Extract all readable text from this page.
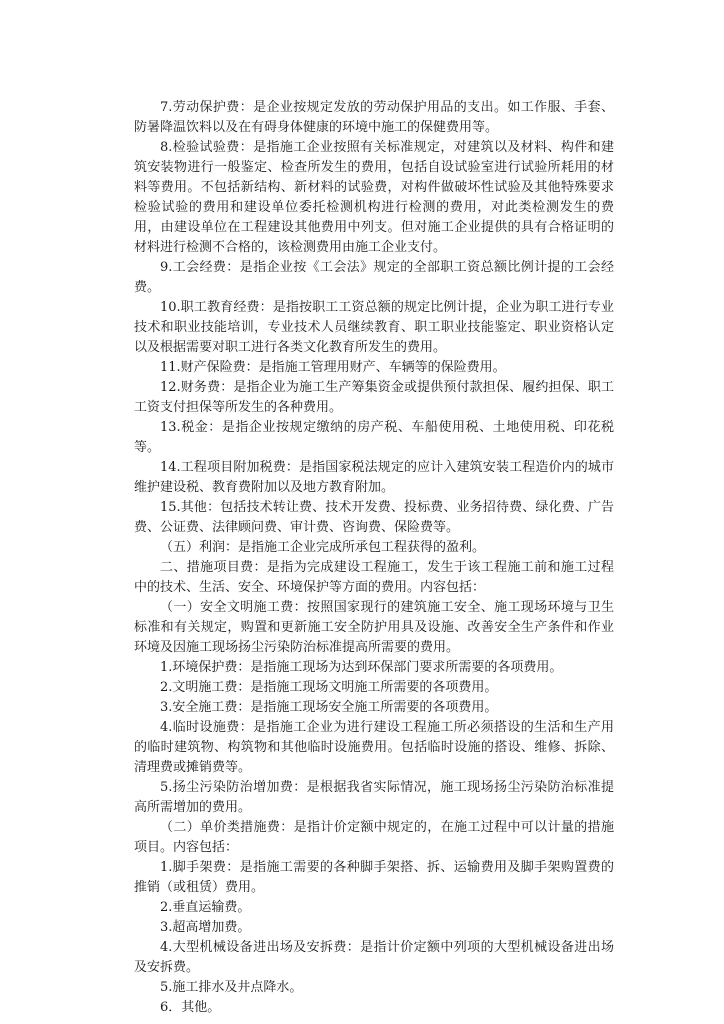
7.劳动保护费：是企业按规定发放的劳动保护用品的支出。如工作服、手套、防暑降温饮料以及在有碍身体健康的环境中施工的保健费用等。

8.检验试验费：是指施工企业按照有关标准规定，对建筑以及材料、构件和建筑安装物进行一般鉴定、检查所发生的费用，包括自设试验室进行试验所耗用的材料等费用。不包括新结构、新材料的试验费，对构件做破坏性试验及其他特殊要求检验试验的费用和建设单位委托检测机构进行检测的费用，对此类检测发生的费用，由建设单位在工程建设其他费用中列支。但对施工企业提供的具有合格证明的材料进行检测不合格的，该检测费用由施工企业支付。

9.工会经费：是指企业按《工会法》规定的全部职工资总额比例计提的工会经费。

10.职工教育经费：是指按职工工资总额的规定比例计提，企业为职工进行专业技术和职业技能培训，专业技术人员继续教育、职工职业技能鉴定、职业资格认定以及根据需要对职工进行各类文化教育所发生的费用。

11.财产保险费：是指施工管理用财产、车辆等的保险费用。

12.财务费：是指企业为施工生产筹集资金或提供预付款担保、履约担保、职工工资支付担保等所发生的各种费用。

13.税金：是指企业按规定缴纳的房产税、车船使用税、土地使用税、印花税等。

14.工程项目附加税费：是指国家税法规定的应计入建筑安装工程造价内的城市维护建设税、教育费附加以及地方教育附加。

15.其他：包括技术转让费、技术开发费、投标费、业务招待费、绿化费、广告费、公证费、法律顾问费、审计费、咨询费、保险费等。

（五）利润：是指施工企业完成所承包工程获得的盈利。

二、措施项目费：是指为完成建设工程施工，发生于该工程施工前和施工过程中的技术、生活、安全、环境保护等方面的费用。内容包括：

（一）安全文明施工费：按照国家现行的建筑施工安全、施工现场环境与卫生标准和有关规定，购置和更新施工安全防护用具及设施、改善安全生产条件和作业环境及因施工现场扬尘污染防治标准提高所需要的费用。

1.环境保护费：是指施工现场为达到环保部门要求所需要的各项费用。

2.文明施工费：是指施工现场文明施工所需要的各项费用。

3.安全施工费：是指施工现场安全施工所需要的各项费用。

4.临时设施费：是指施工企业为进行建设工程施工所必须搭设的生活和生产用的临时建筑物、构筑物和其他临时设施费用。包括临时设施的搭设、维修、拆除、清理费或摊销费等。

5.扬尘污染防治增加费：是根据我省实际情况，施工现场扬尘污染防治标准提高所需增加的费用。

（二）单价类措施费：是指计价定额中规定的，在施工过程中可以计量的措施项目。内容包括：

1.脚手架费：是指施工需要的各种脚手架搭、拆、运输费用及脚手架购置费的推销（或租赁）费用。

2.垂直运输费。

3.超高增加费。

4.大型机械设备进出场及安拆费：是指计价定额中列项的大型机械设备进出场及安拆费。

5.施工排水及井点降水。

6．其他。
